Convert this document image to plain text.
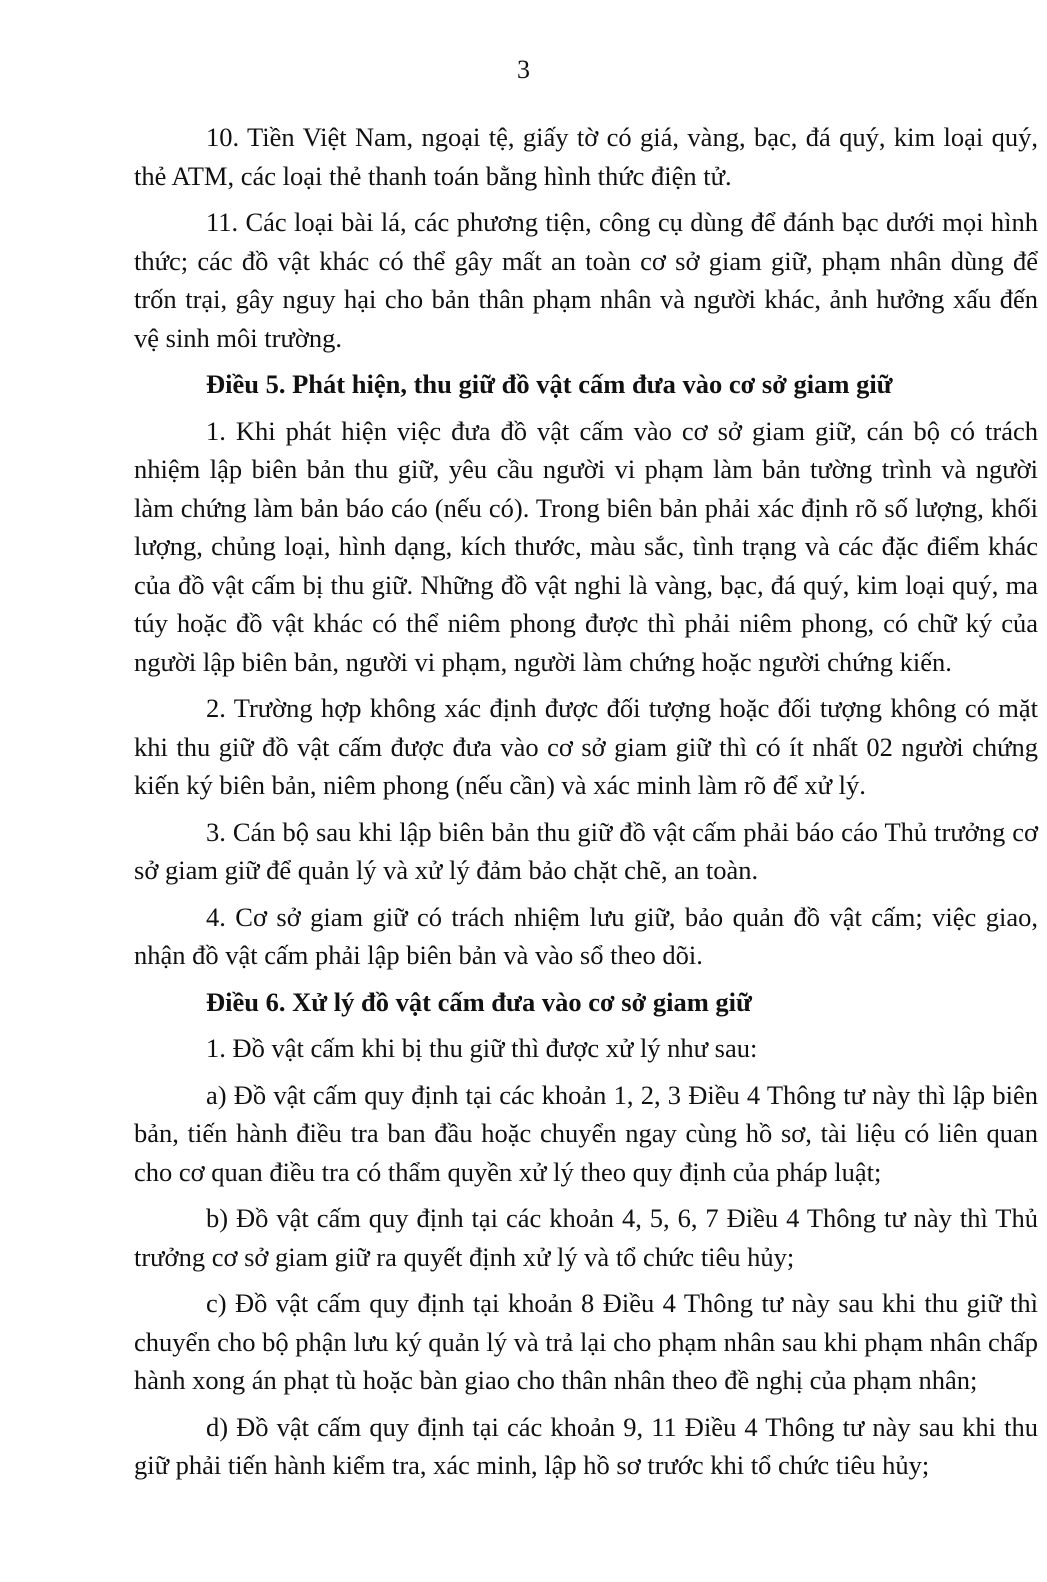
3

10. Tiền Việt Nam, ngoại tệ, giấy tờ có giá, vàng, bạc, đá quý, kim loại quý, thẻ ATM, các loại thẻ thanh toán bằng hình thức điện tử.

11. Các loại bài lá, các phương tiện, công cụ dùng để đánh bạc dưới mọi hình thức; các đồ vật khác có thể gây mất an toàn cơ sở giam giữ, phạm nhân dùng để trốn trại, gây nguy hại cho bản thân phạm nhân và người khác, ảnh hưởng xấu đến vệ sinh môi trường.

Điều 5. Phát hiện, thu giữ đồ vật cấm đưa vào cơ sở giam giữ

1. Khi phát hiện việc đưa đồ vật cấm vào cơ sở giam giữ, cán bộ có trách nhiệm lập biên bản thu giữ, yêu cầu người vi phạm làm bản tường trình và người làm chứng làm bản báo cáo (nếu có). Trong biên bản phải xác định rõ số lượng, khối lượng, chủng loại, hình dạng, kích thước, màu sắc, tình trạng và các đặc điểm khác của đồ vật cấm bị thu giữ. Những đồ vật nghi là vàng, bạc, đá quý, kim loại quý, ma túy hoặc đồ vật khác có thể niêm phong được thì phải niêm phong, có chữ ký của người lập biên bản, người vi phạm, người làm chứng hoặc người chứng kiến.

2. Trường hợp không xác định được đối tượng hoặc đối tượng không có mặt khi thu giữ đồ vật cấm được đưa vào cơ sở giam giữ thì có ít nhất 02 người chứng kiến ký biên bản, niêm phong (nếu cần) và xác minh làm rõ để xử lý.

3. Cán bộ sau khi lập biên bản thu giữ đồ vật cấm phải báo cáo Thủ trưởng cơ sở giam giữ để quản lý và xử lý đảm bảo chặt chẽ, an toàn.

4. Cơ sở giam giữ có trách nhiệm lưu giữ, bảo quản đồ vật cấm; việc giao, nhận đồ vật cấm phải lập biên bản và vào sổ theo dõi.

Điều 6. Xử lý đồ vật cấm đưa vào cơ sở giam giữ

1. Đồ vật cấm khi bị thu giữ thì được xử lý như sau:

a) Đồ vật cấm quy định tại các khoản 1, 2, 3 Điều 4 Thông tư này thì lập biên bản, tiến hành điều tra ban đầu hoặc chuyển ngay cùng hồ sơ, tài liệu có liên quan cho cơ quan điều tra có thẩm quyền xử lý theo quy định của pháp luật;

b) Đồ vật cấm quy định tại các khoản 4, 5, 6, 7 Điều 4 Thông tư này thì Thủ trưởng cơ sở giam giữ ra quyết định xử lý và tổ chức tiêu hủy;

c) Đồ vật cấm quy định tại khoản 8 Điều 4 Thông tư này sau khi thu giữ thì chuyển cho bộ phận lưu ký quản lý và trả lại cho phạm nhân sau khi phạm nhân chấp hành xong án phạt tù hoặc bàn giao cho thân nhân theo đề nghị của phạm nhân;

d) Đồ vật cấm quy định tại các khoản 9, 11 Điều 4 Thông tư này sau khi thu giữ phải tiến hành kiểm tra, xác minh, lập hồ sơ trước khi tổ chức tiêu hủy;
